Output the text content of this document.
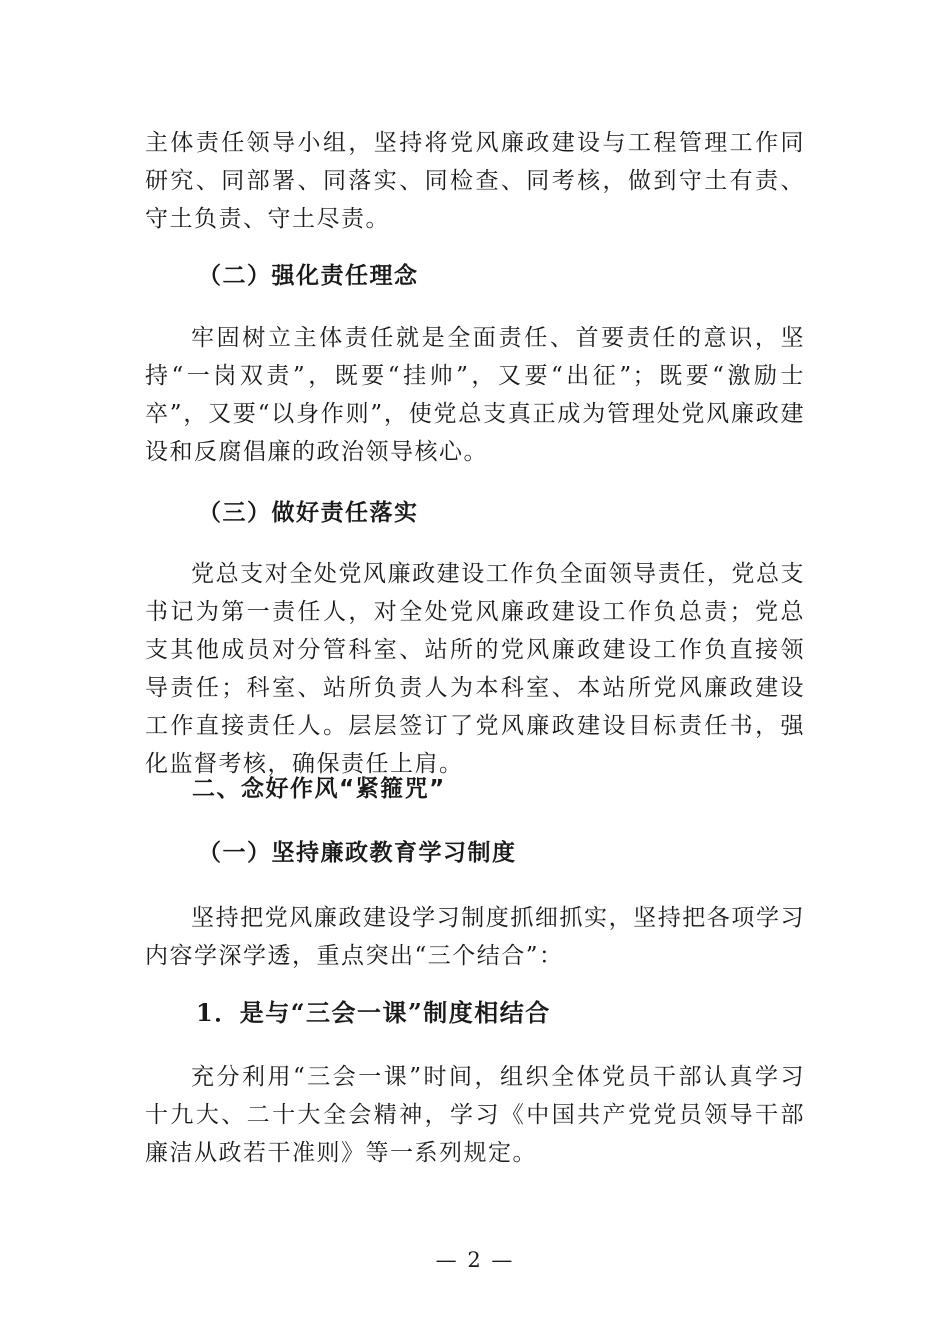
主体责任领导小组，坚持将党风廉政建设与工程管理工作同研究、同部署、同落实、同检查、同考核，做到守土有责、守土负责、守土尽责。

（二）强化责任理念

牢固树立主体责任就是全面责任、首要责任的意识，坚持“一岗双责”，既要“挂帅”，又要“出征”；既要“激励士卒”，又要“以身作则”，使党总支真正成为管理处党风廉政建设和反腐倡廉的政治领导核心。

（三）做好责任落实

党总支对全处党风廉政建设工作负全面领导责任，党总支书记为第一责任人，对全处党风廉政建设工作负总责；党总支其他成员对分管科室、站所的党风廉政建设工作负直接领导责任；科室、站所负责人为本科室、本站所党风廉政建设工作直接责任人。层层签订了党风廉政建设目标责任书，强化监督考核，确保责任上肩。

二、念好作风“紧箍咒”
（一）坚持廉政教育学习制度

坚持把党风廉政建设学习制度抓细抓实，坚持把各项学习内容学深学透，重点突出“三个结合”：

1．是与“三会一课”制度相结合

充分利用“三会一课”时间，组织全体党员干部认真学习十九大、二十大全会精神，学习《中国共产党党员领导干部廉洁从政若干准则》等一系列规定。

— 2 —
